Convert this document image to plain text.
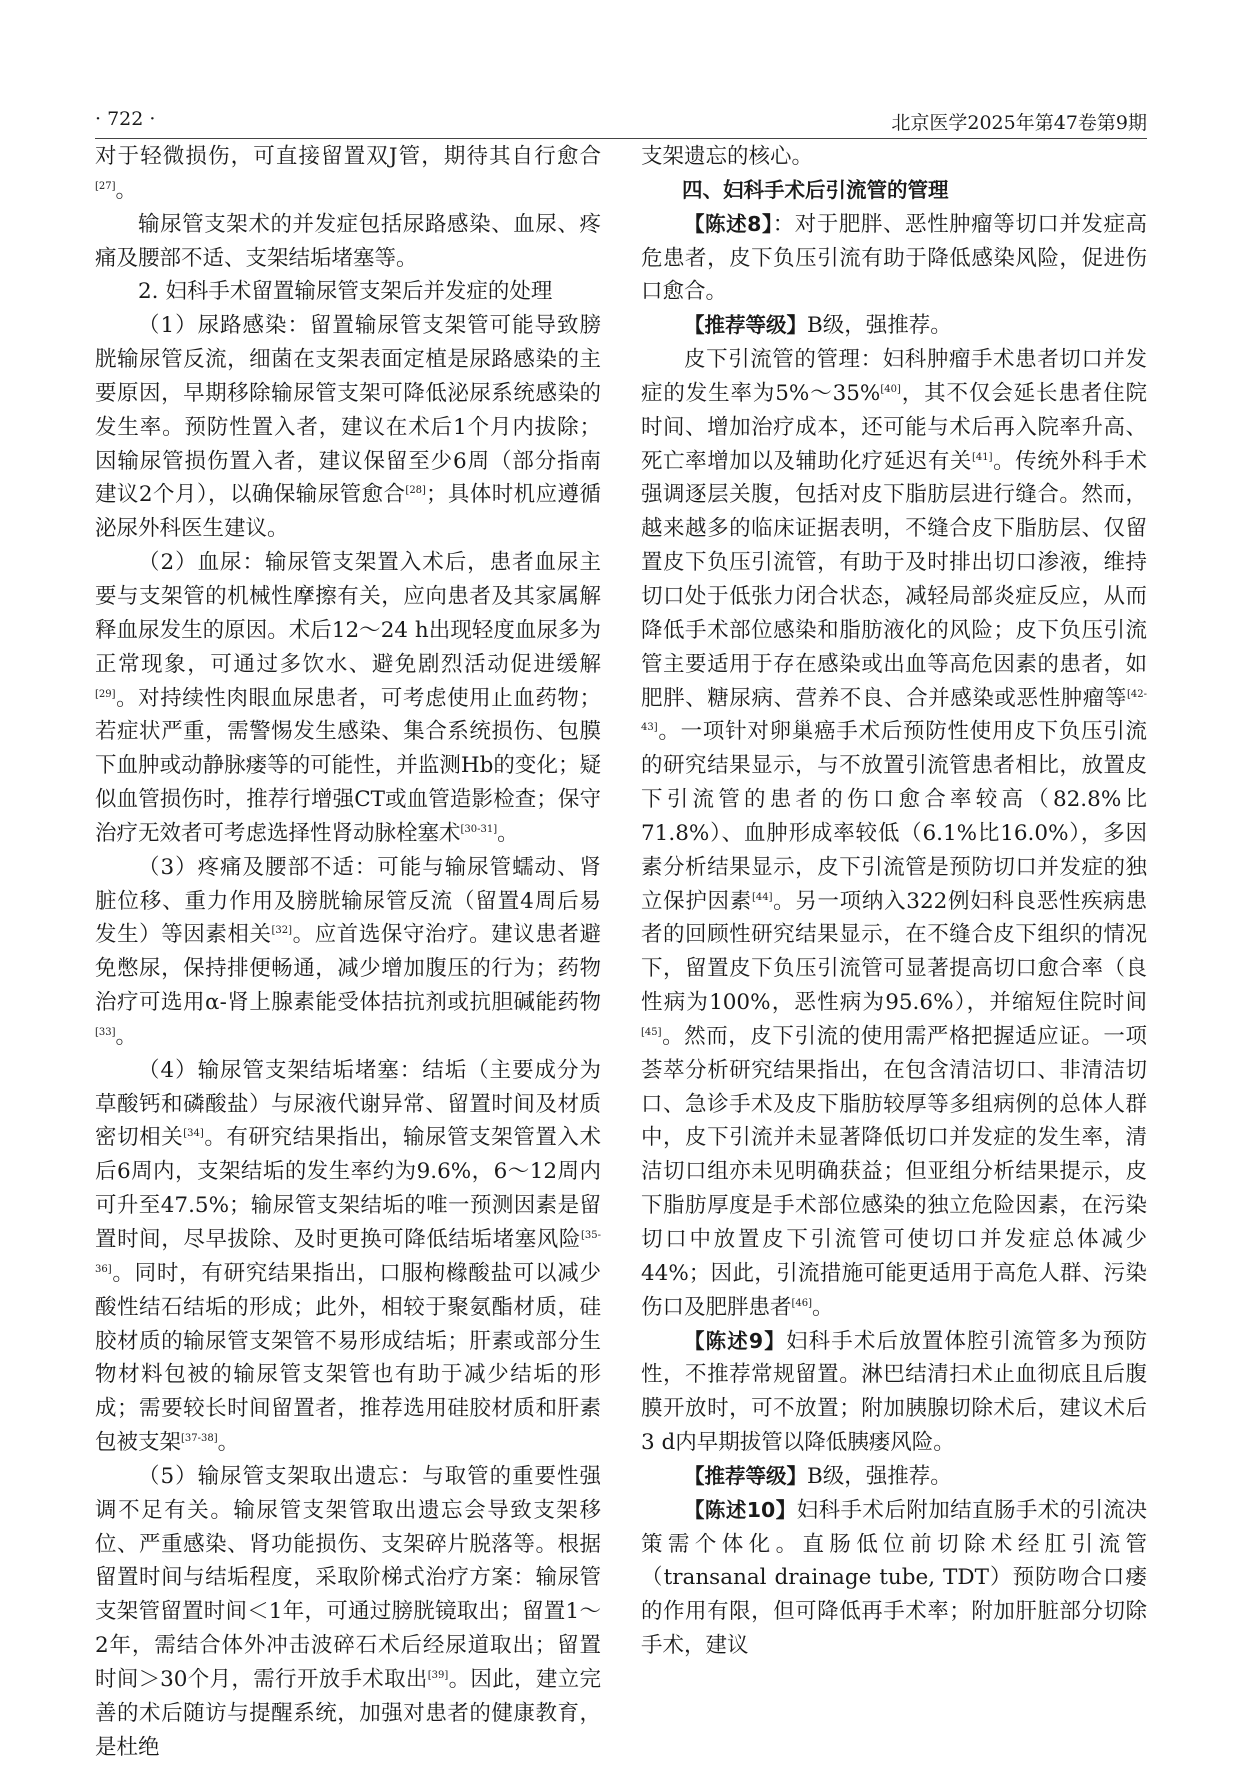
· 722 ·	北京医学2025年第47卷第9期

对于轻微损伤，可直接留置双J管，期待其自行愈合[27]。

输尿管支架术的并发症包括尿路感染、血尿、疼痛及腰部不适、支架结垢堵塞等。

2. 妇科手术留置输尿管支架后并发症的处理

（1）尿路感染：留置输尿管支架管可能导致膀胱输尿管反流，细菌在支架表面定植是尿路感染的主要原因，早期移除输尿管支架可降低泌尿系统感染的发生率。预防性置入者，建议在术后1个月内拔除；因输尿管损伤置入者，建议保留至少6周（部分指南建议2个月），以确保输尿管愈合[28]；具体时机应遵循泌尿外科医生建议。

（2）血尿：输尿管支架置入术后，患者血尿主要与支架管的机械性摩擦有关，应向患者及其家属解释血尿发生的原因。术后12～24 h出现轻度血尿多为正常现象，可通过多饮水、避免剧烈活动促进缓解[29]。对持续性肉眼血尿患者，可考虑使用止血药物；若症状严重，需警惕发生感染、集合系统损伤、包膜下血肿或动静脉瘘等的可能性，并监测Hb的变化；疑似血管损伤时，推荐行增强CT或血管造影检查；保守治疗无效者可考虑选择性肾动脉栓塞术[30-31]。

（3）疼痛及腰部不适：可能与输尿管蠕动、肾脏位移、重力作用及膀胱输尿管反流（留置4周后易发生）等因素相关[32]。应首选保守治疗。建议患者避免憋尿，保持排便畅通，减少增加腹压的行为；药物治疗可选用α-肾上腺素能受体拮抗剂或抗胆碱能药物[33]。

（4）输尿管支架结垢堵塞：结垢（主要成分为草酸钙和磷酸盐）与尿液代谢异常、留置时间及材质密切相关[34]。有研究结果指出，输尿管支架管置入术后6周内，支架结垢的发生率约为9.6%，6～12周内可升至47.5%；输尿管支架结垢的唯一预测因素是留置时间，尽早拔除、及时更换可降低结垢堵塞风险[35-36]。同时，有研究结果指出，口服枸橼酸盐可以减少酸性结石结垢的形成；此外，相较于聚氨酯材质，硅胶材质的输尿管支架管不易形成结垢；肝素或部分生物材料包被的输尿管支架管也有助于减少结垢的形成；需要较长时间留置者，推荐选用硅胶材质和肝素包被支架[37-38]。

（5）输尿管支架取出遗忘：与取管的重要性强调不足有关。输尿管支架管取出遗忘会导致支架移位、严重感染、肾功能损伤、支架碎片脱落等。根据留置时间与结垢程度，采取阶梯式治疗方案：输尿管支架管留置时间＜1年，可通过膀胱镜取出；留置1～2年，需结合体外冲击波碎石术后经尿道取出；留置时间＞30个月，需行开放手术取出[39]。因此，建立完善的术后随访与提醒系统，加强对患者的健康教育，是杜绝

支架遗忘的核心。

四、妇科手术后引流管的管理

【陈述8】：对于肥胖、恶性肿瘤等切口并发症高危患者，皮下负压引流有助于降低感染风险，促进伤口愈合。

【推荐等级】B级，强推荐。

皮下引流管的管理：妇科肿瘤手术患者切口并发症的发生率为5%～35%[40]，其不仅会延长患者住院时间、增加治疗成本，还可能与术后再入院率升高、死亡率增加以及辅助化疗延迟有关[41]。传统外科手术强调逐层关腹，包括对皮下脂肪层进行缝合。然而，越来越多的临床证据表明，不缝合皮下脂肪层、仅留置皮下负压引流管，有助于及时排出切口渗液，维持切口处于低张力闭合状态，减轻局部炎症反应，从而降低手术部位感染和脂肪液化的风险；皮下负压引流管主要适用于存在感染或出血等高危因素的患者，如肥胖、糖尿病、营养不良、合并感染或恶性肿瘤等[42-43]。一项针对卵巢癌手术后预防性使用皮下负压引流的研究结果显示，与不放置引流管患者相比，放置皮下引流管的患者的伤口愈合率较高（82.8%比71.8%）、血肿形成率较低（6.1%比16.0%），多因素分析结果显示，皮下引流管是预防切口并发症的独立保护因素[44]。另一项纳入322例妇科良恶性疾病患者的回顾性研究结果显示，在不缝合皮下组织的情况下，留置皮下负压引流管可显著提高切口愈合率（良性病为100%，恶性病为95.6%），并缩短住院时间[45]。然而，皮下引流的使用需严格把握适应证。一项荟萃分析研究结果指出，在包含清洁切口、非清洁切口、急诊手术及皮下脂肪较厚等多组病例的总体人群中，皮下引流并未显著降低切口并发症的发生率，清洁切口组亦未见明确获益；但亚组分析结果提示，皮下脂肪厚度是手术部位感染的独立危险因素，在污染切口中放置皮下引流管可使切口并发症总体减少44%；因此，引流措施可能更适用于高危人群、污染伤口及肥胖患者[46]。

【陈述9】妇科手术后放置体腔引流管多为预防性，不推荐常规留置。淋巴结清扫术止血彻底且后腹膜开放时，可不放置；附加胰腺切除术后，建议术后3 d内早期拔管以降低胰瘘风险。

【推荐等级】B级，强推荐。

【陈述10】妇科手术后附加结直肠手术的引流决策需个体化。直肠低位前切除术经肛引流管（transanal drainage tube, TDT）预防吻合口瘘的作用有限，但可降低再手术率；附加肝脏部分切除手术，建议
